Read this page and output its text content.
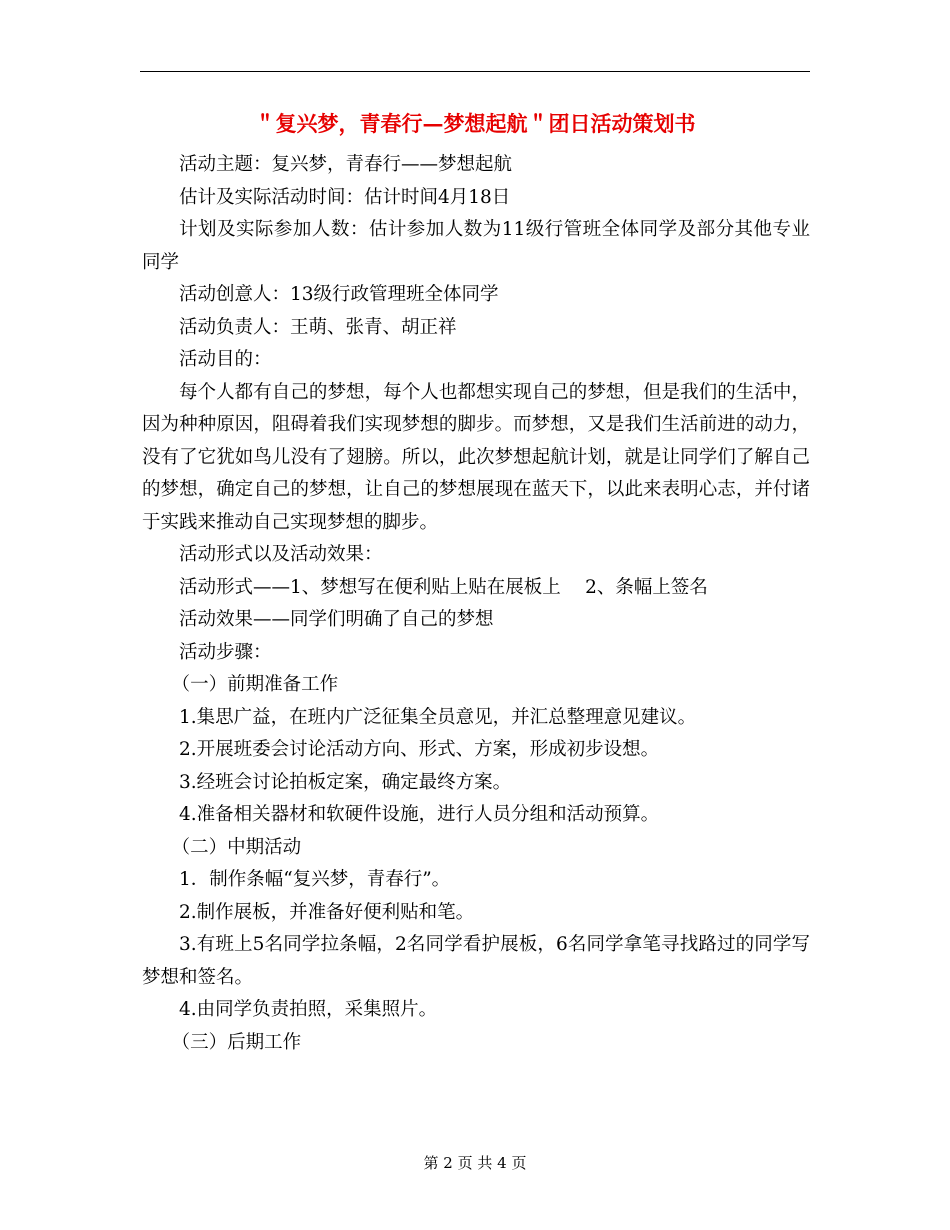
＂复兴梦，青春行—梦想起航＂团日活动策划书

活动主题：复兴梦，青春行——梦想起航

估计及实际活动时间：估计时间4月18日

计划及实际参加人数：估计参加人数为11级行管班全体同学及部分其他专业同学

活动创意人：13级行政管理班全体同学

活动负责人：王萌、张青、胡正祥

活动目的：

每个人都有自己的梦想，每个人也都想实现自己的梦想，但是我们的生活中，因为种种原因，阻碍着我们实现梦想的脚步。而梦想，又是我们生活前进的动力，没有了它犹如鸟儿没有了翅膀。所以，此次梦想起航计划，就是让同学们了解自己的梦想，确定自己的梦想，让自己的梦想展现在蓝天下，以此来表明心志，并付诸于实践来推动自己实现梦想的脚步。

活动形式以及活动效果：

活动形式——1、梦想写在便利贴上贴在展板上　 2、条幅上签名

活动效果——同学们明确了自己的梦想

活动步骤：

（一）前期准备工作

1.集思广益，在班内广泛征集全员意见，并汇总整理意见建议。

2.开展班委会讨论活动方向、形式、方案，形成初步设想。

3.经班会讨论拍板定案，确定最终方案。

4.准备相关器材和软硬件设施，进行人员分组和活动预算。

（二）中期活动

1．制作条幅“复兴梦，青春行”。

2.制作展板，并准备好便利贴和笔。

3.有班上5名同学拉条幅，2名同学看护展板，6名同学拿笔寻找路过的同学写梦想和签名。

4.由同学负责拍照，采集照片。

（三）后期工作

第 2 页 共 4 页
